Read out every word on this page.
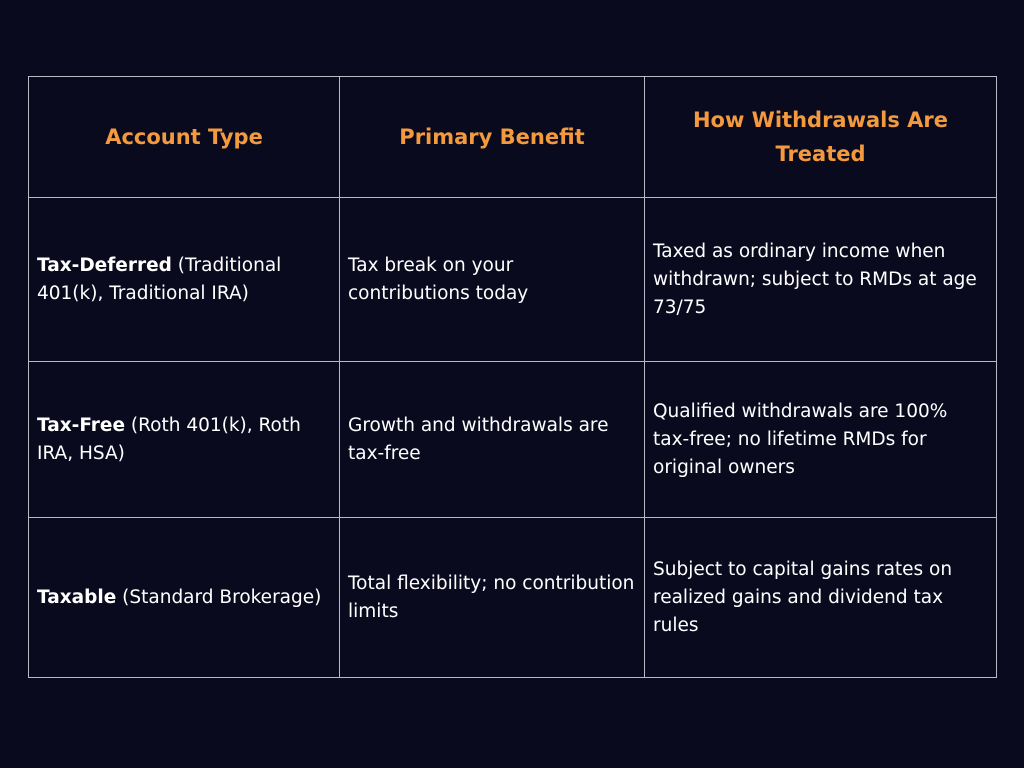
Account Type	Primary Benefit	How Withdrawals Are Treated
Tax-Deferred (Traditional 401(k), Traditional IRA)	Tax break on your contributions today	Taxed as ordinary income when withdrawn; subject to RMDs at age 73/75
Tax-Free (Roth 401(k), Roth IRA, HSA)	Growth and withdrawals are tax-free	Qualified withdrawals are 100% tax-free; no lifetime RMDs for original owners
Taxable (Standard Brokerage)	Total flexibility; no contribution limits	Subject to capital gains rates on realized gains and dividend tax rules
